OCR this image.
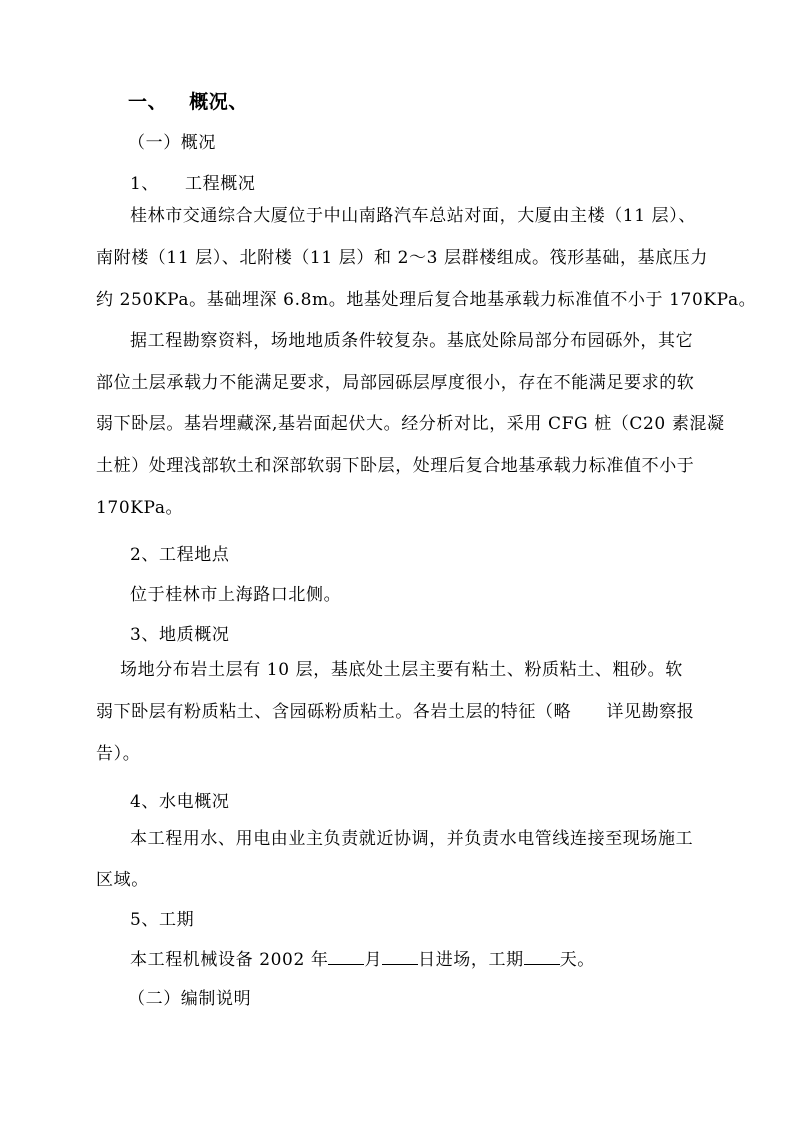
一、 概况、
（一）概况
1、 工程概况
桂林市交通综合大厦位于中山南路汽车总站对面，大厦由主楼（11 层）、
南附楼（11 层）、北附楼（11 层）和 2～3 层群楼组成。筏形基础，基底压力
约 250KPa。基础埋深 6.8m。地基处理后复合地基承载力标准值不小于 170KPa。
据工程勘察资料，场地地质条件较复杂。基底处除局部分布园砾外，其它
部位土层承载力不能满足要求，局部园砾层厚度很小，存在不能满足要求的软
弱下卧层。基岩埋藏深,基岩面起伏大。经分析对比，采用 CFG 桩（C20 素混凝
土桩）处理浅部软土和深部软弱下卧层，处理后复合地基承载力标准值不小于
170KPa。
2、工程地点
位于桂林市上海路口北侧。
3、地质概况
场地分布岩土层有 10 层，基底处土层主要有粘土、粉质粘土、粗砂。软
弱下卧层有粉质粘土、含园砾粉质粘土。各岩土层的特征（略　　详见勘察报
告）。
4、水电概况
本工程用水、用电由业主负责就近协调，并负责水电管线连接至现场施工
区域。
5、工期
本工程机械设备 2002 年 月 日进场，工期 天。
（二）编制说明
